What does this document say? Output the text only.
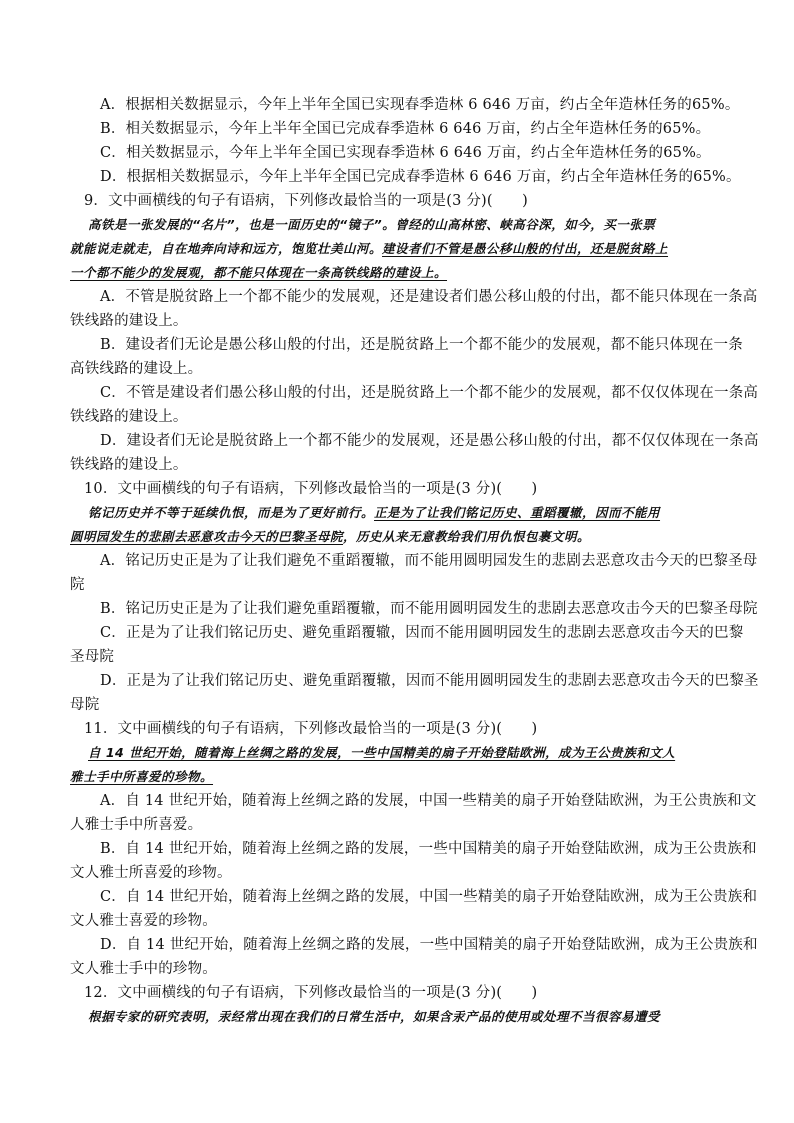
A．根据相关数据显示，今年上半年全国已实现春季造林 6 646 万亩，约占全年造林任务的65%。
B．相关数据显示，今年上半年全国已完成春季造林 6 646 万亩，约占全年造林任务的65%。
C．相关数据显示，今年上半年全国已实现春季造林 6 646 万亩，约占全年造林任务的65%。
D．根据相关数据显示，今年上半年全国已完成春季造林 6 646 万亩，约占全年造林任务的65%。
9．文中画横线的句子有语病，下列修改最恰当的一项是(3 分)(　　)
高铁是一张发展的“名片”，也是一面历史的“镜子”。曾经的山高林密、峡高谷深，如今，买一张票
就能说走就走，自在地奔向诗和远方，饱览壮美山河。建设者们不管是愚公移山般的付出，还是脱贫路上
一个都不能少的发展观，都不能只体现在一条高铁线路的建设上。
A．不管是脱贫路上一个都不能少的发展观，还是建设者们愚公移山般的付出，都不能只体现在一条高
铁线路的建设上。
B．建设者们无论是愚公移山般的付出，还是脱贫路上一个都不能少的发展观，都不能只体现在一条
高铁线路的建设上。
C．不管是建设者们愚公移山般的付出，还是脱贫路上一个都不能少的发展观，都不仅仅体现在一条高
铁线路的建设上。
D．建设者们无论是脱贫路上一个都不能少的发展观，还是愚公移山般的付出，都不仅仅体现在一条高
铁线路的建设上。
10．文中画横线的句子有语病，下列修改最恰当的一项是(3 分)(　　)
铭记历史并不等于延续仇恨，而是为了更好前行。正是为了让我们铭记历史、重蹈覆辙，因而不能用
圆明园发生的悲剧去恶意攻击今天的巴黎圣母院，历史从来无意教给我们用仇恨包裹文明。
A．铭记历史正是为了让我们避免不重蹈覆辙，而不能用圆明园发生的悲剧去恶意攻击今天的巴黎圣母
院
B．铭记历史正是为了让我们避免重蹈覆辙，而不能用圆明园发生的悲剧去恶意攻击今天的巴黎圣母院
C．正是为了让我们铭记历史、避免重蹈覆辙，因而不能用圆明园发生的悲剧去恶意攻击今天的巴黎
圣母院
D．正是为了让我们铭记历史、避免重蹈覆辙，因而不能用圆明园发生的悲剧去恶意攻击今天的巴黎圣
母院
11．文中画横线的句子有语病，下列修改最恰当的一项是(3 分)(　　)
自 14 世纪开始，随着海上丝绸之路的发展，一些中国精美的扇子开始登陆欧洲，成为王公贵族和文人
雅士手中所喜爱的珍物。
A．自 14 世纪开始，随着海上丝绸之路的发展，中国一些精美的扇子开始登陆欧洲，为王公贵族和文
人雅士手中所喜爱。
B．自 14 世纪开始，随着海上丝绸之路的发展，一些中国精美的扇子开始登陆欧洲，成为王公贵族和
文人雅士所喜爱的珍物。
C．自 14 世纪开始，随着海上丝绸之路的发展，中国一些精美的扇子开始登陆欧洲，成为王公贵族和
文人雅士喜爱的珍物。
D．自 14 世纪开始，随着海上丝绸之路的发展，一些中国精美的扇子开始登陆欧洲，成为王公贵族和
文人雅士手中的珍物。
12．文中画横线的句子有语病，下列修改最恰当的一项是(3 分)(　　)
根据专家的研究表明，汞经常出现在我们的日常生活中，如果含汞产品的使用或处理不当很容易遭受
